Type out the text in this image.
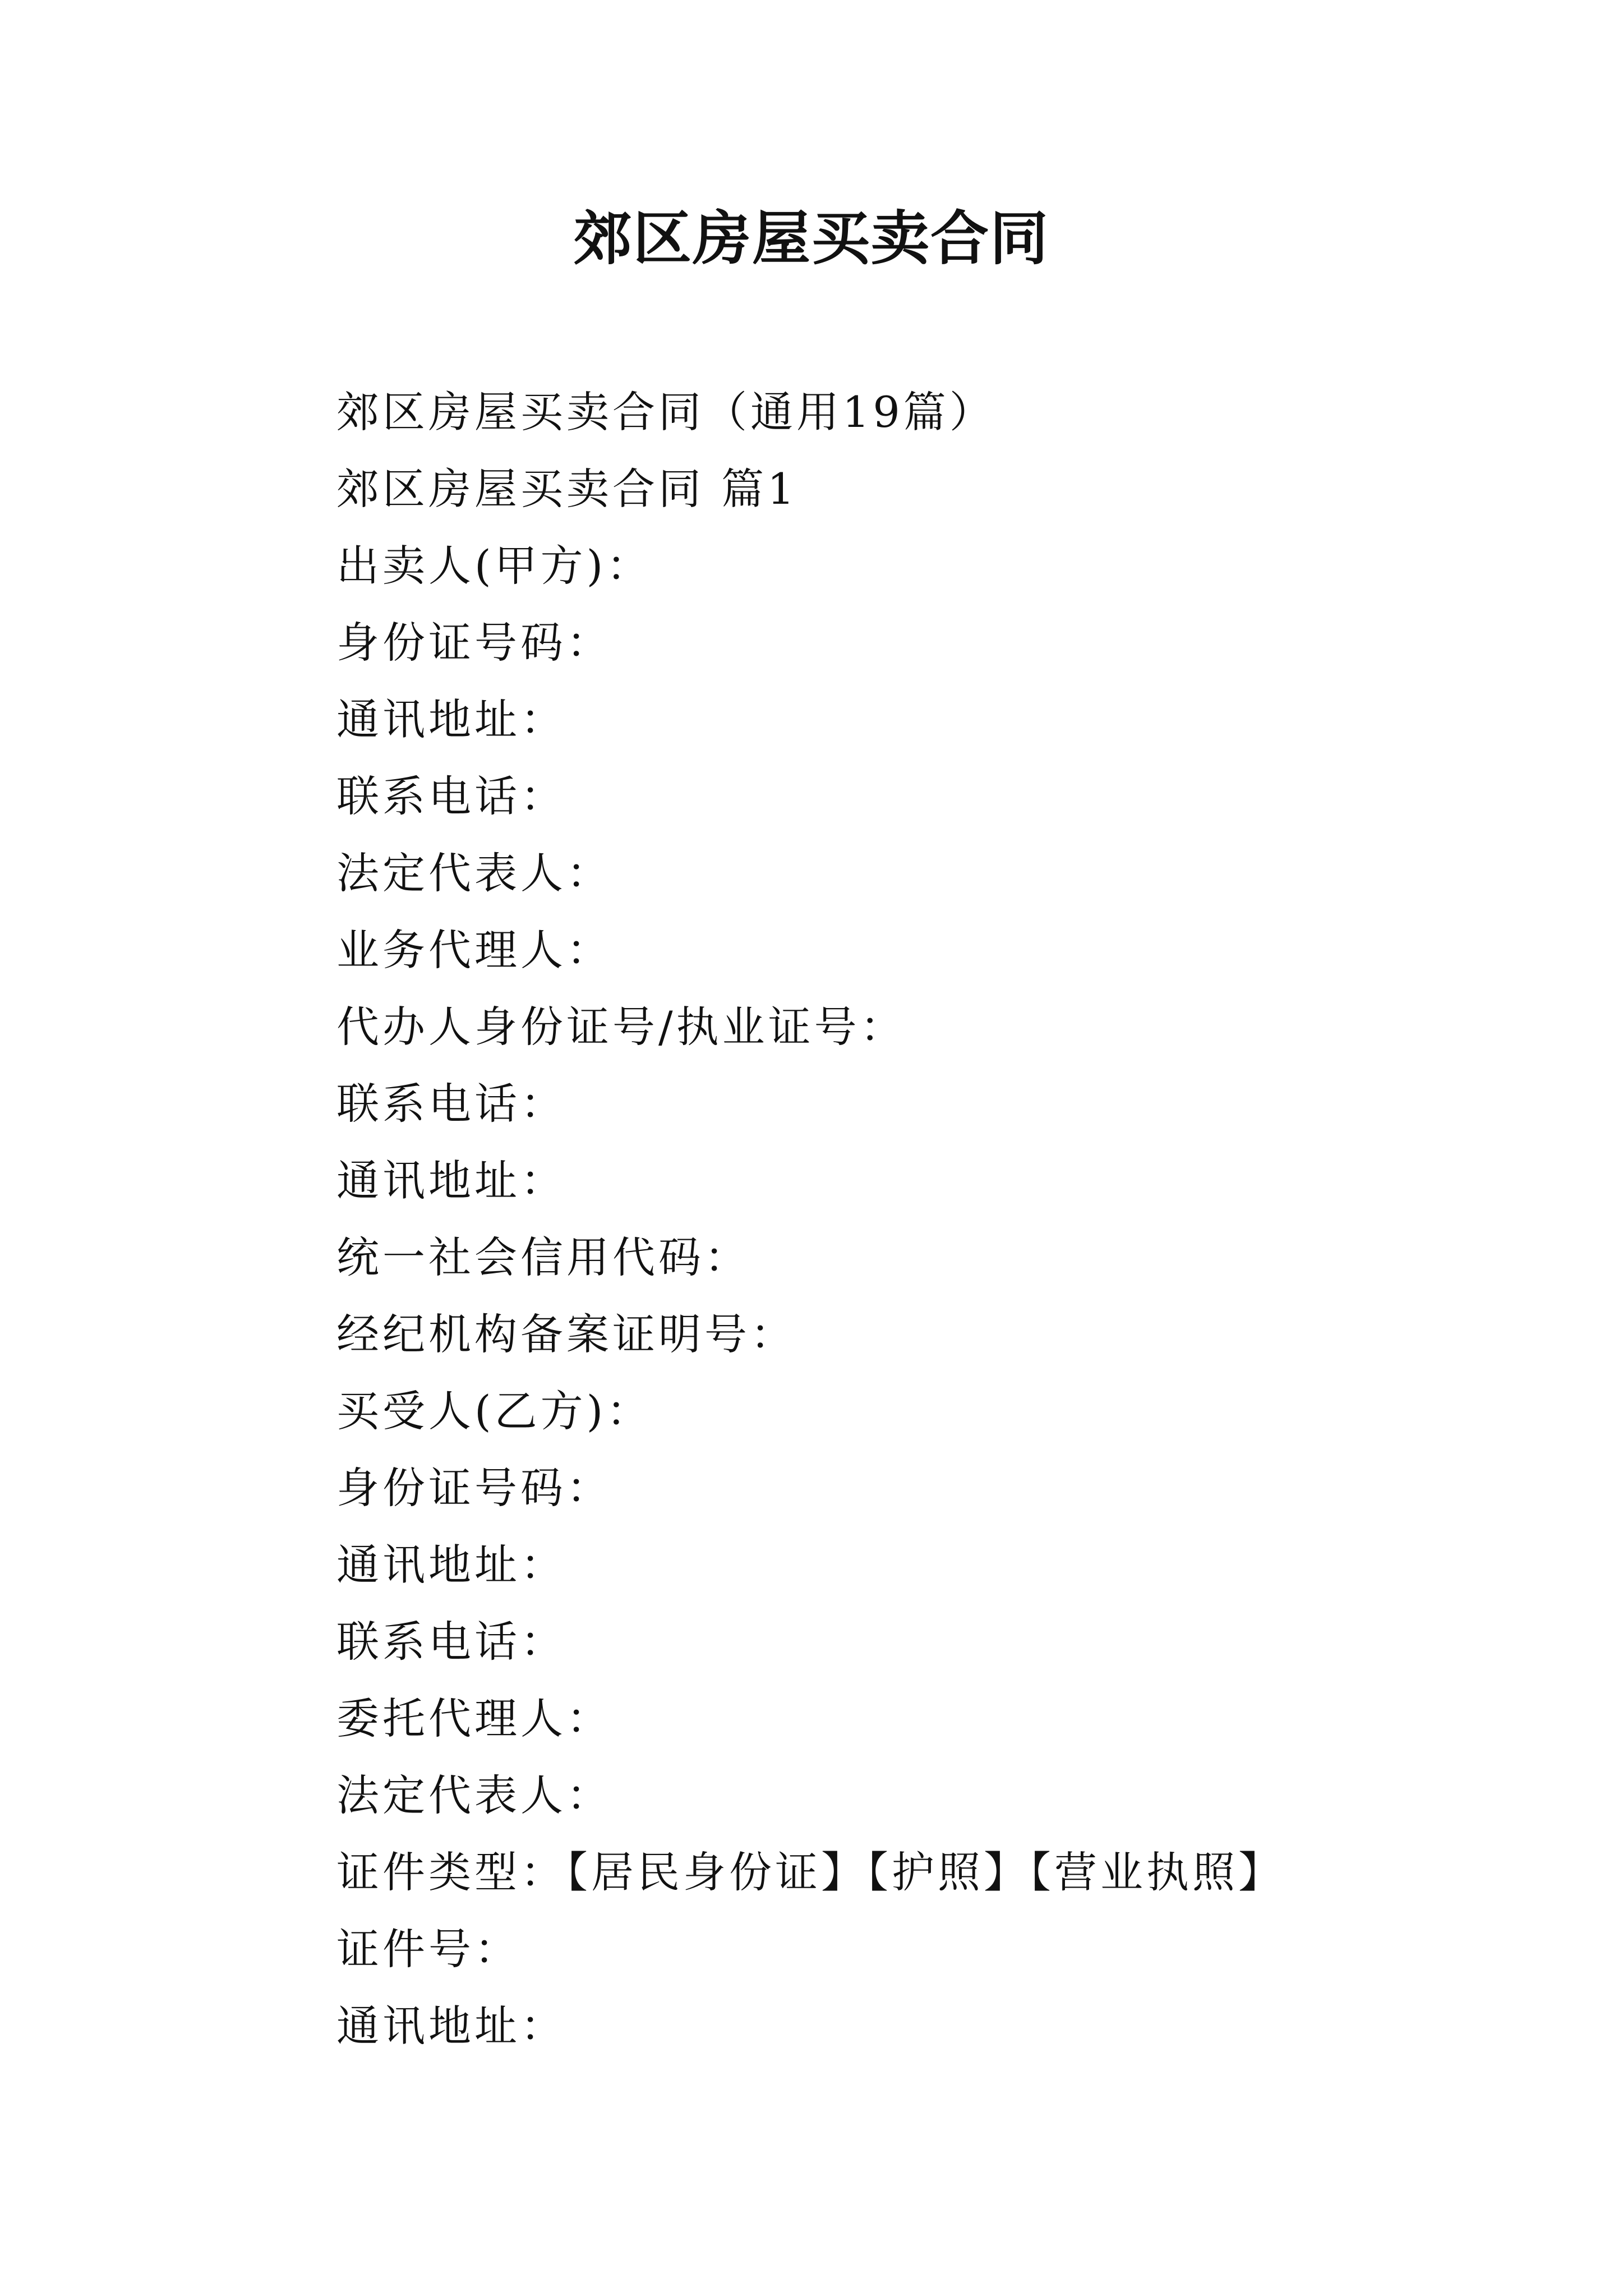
郊区房屋买卖合同
郊区房屋买卖合同（通用19篇）
郊区房屋买卖合同 篇1
出卖人(甲方)：
身份证号码：
通讯地址：
联系电话：
法定代表人：
业务代理人：
代办人身份证号/执业证号：
联系电话：
通讯地址：
统一社会信用代码：
经纪机构备案证明号：
买受人(乙方)：
身份证号码：
通讯地址：
联系电话：
委托代理人：
法定代表人：
证件类型：【居民身份证】【护照】【营业执照】
证件号：
通讯地址：
